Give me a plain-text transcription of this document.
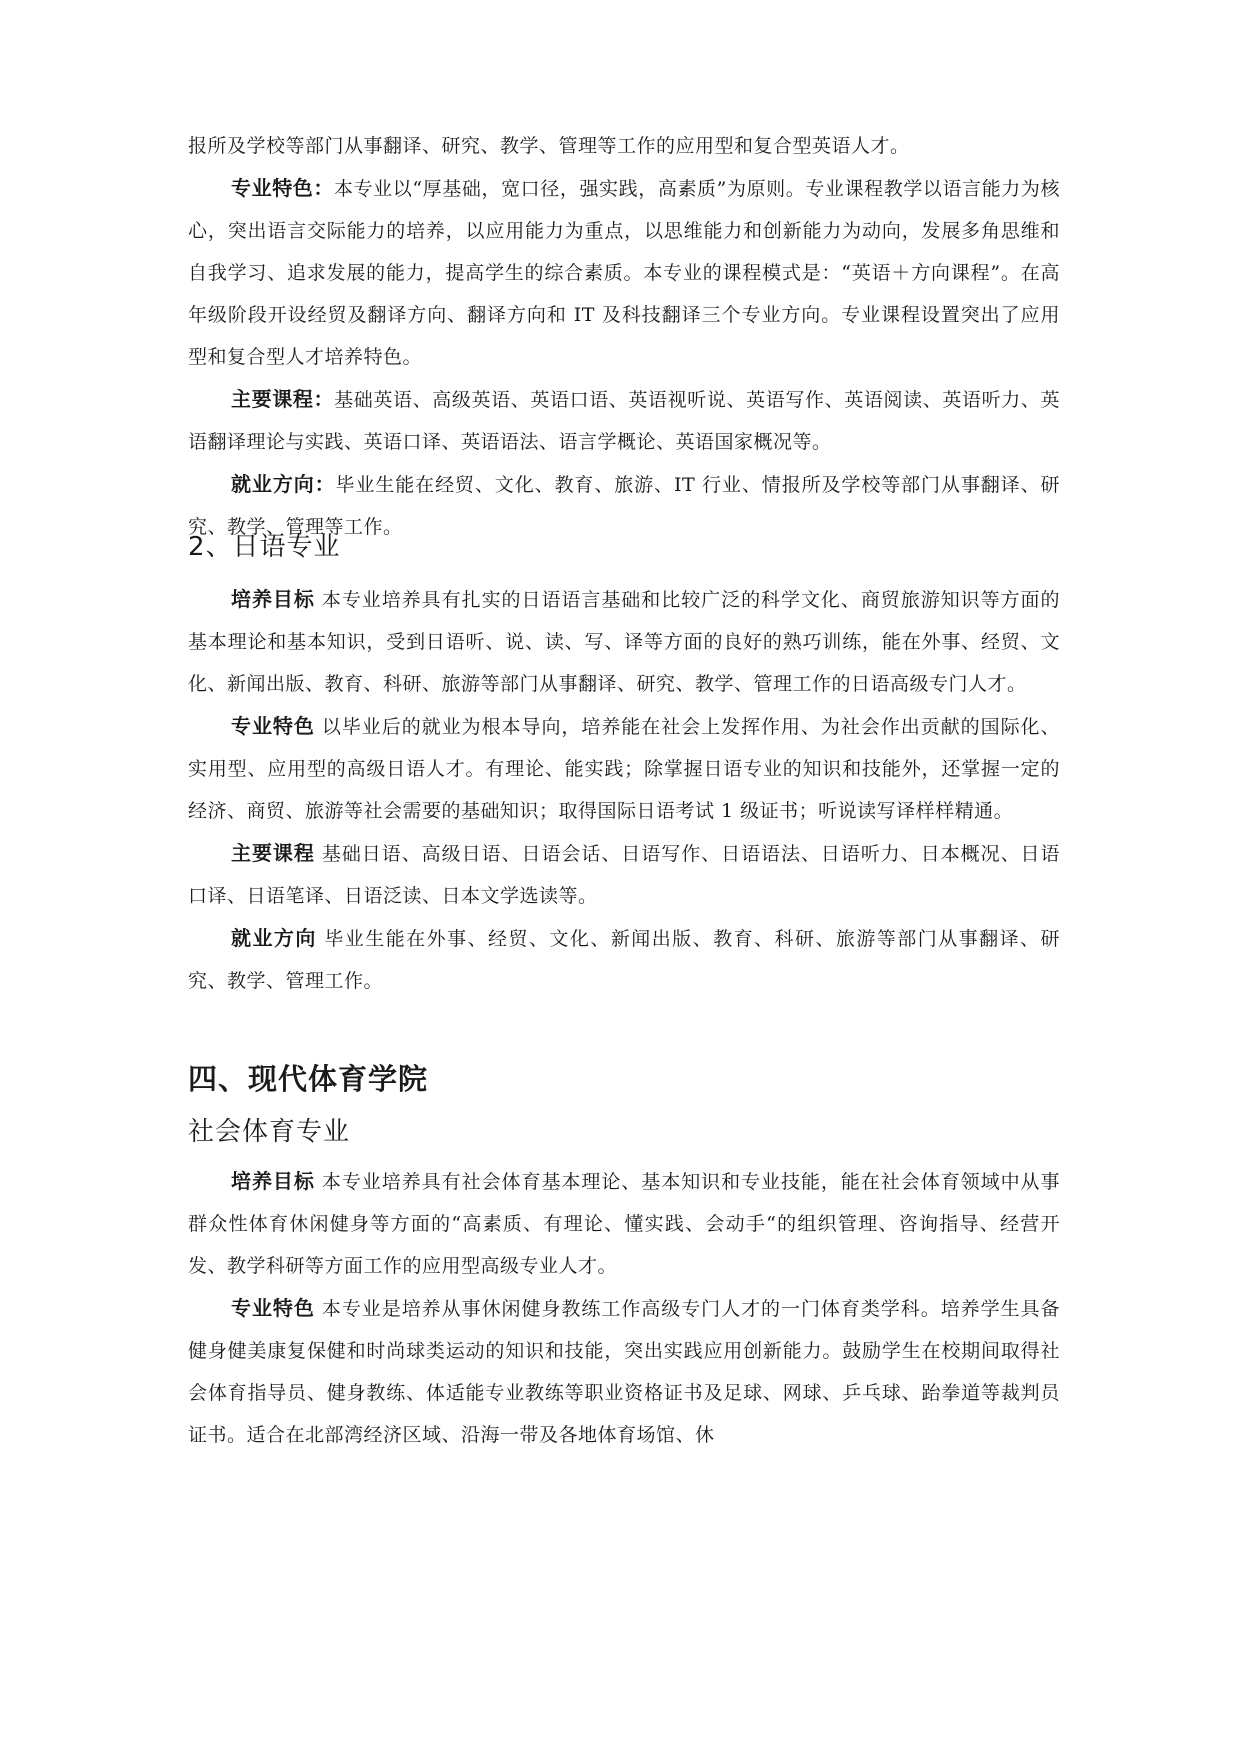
报所及学校等部门从事翻译、研究、教学、管理等工作的应用型和复合型英语人才。

专业特色：本专业以“厚基础，宽口径，强实践，高素质”为原则。专业课程教学以语言能力为核心，突出语言交际能力的培养，以应用能力为重点，以思维能力和创新能力为动向，发展多角思维和自我学习、追求发展的能力，提高学生的综合素质。本专业的课程模式是：“英语＋方向课程”。在高年级阶段开设经贸及翻译方向、翻译方向和 IT 及科技翻译三个专业方向。专业课程设置突出了应用型和复合型人才培养特色。

主要课程：基础英语、高级英语、英语口语、英语视听说、英语写作、英语阅读、英语听力、英语翻译理论与实践、英语口译、英语语法、语言学概论、英语国家概况等。

就业方向：毕业生能在经贸、文化、教育、旅游、IT 行业、情报所及学校等部门从事翻译、研究、教学、管理等工作。

2、日语专业

培养目标 本专业培养具有扎实的日语语言基础和比较广泛的科学文化、商贸旅游知识等方面的基本理论和基本知识，受到日语听、说、读、写、译等方面的良好的熟巧训练，能在外事、经贸、文化、新闻出版、教育、科研、旅游等部门从事翻译、研究、教学、管理工作的日语高级专门人才。

专业特色 以毕业后的就业为根本导向，培养能在社会上发挥作用、为社会作出贡献的国际化、实用型、应用型的高级日语人才。有理论、能实践；除掌握日语专业的知识和技能外，还掌握一定的经济、商贸、旅游等社会需要的基础知识；取得国际日语考试 1 级证书；听说读写译样样精通。

主要课程 基础日语、高级日语、日语会话、日语写作、日语语法、日语听力、日本概况、日语口译、日语笔译、日语泛读、日本文学选读等。

就业方向 毕业生能在外事、经贸、文化、新闻出版、教育、科研、旅游等部门从事翻译、研究、教学、管理工作。

四、现代体育学院
社会体育专业

培养目标 本专业培养具有社会体育基本理论、基本知识和专业技能，能在社会体育领域中从事群众性体育休闲健身等方面的“高素质、有理论、懂实践、会动手“的组织管理、咨询指导、经营开发、教学科研等方面工作的应用型高级专业人才。

专业特色 本专业是培养从事休闲健身教练工作高级专门人才的一门体育类学科。培养学生具备健身健美康复保健和时尚球类运动的知识和技能，突出实践应用创新能力。鼓励学生在校期间取得社会体育指导员、健身教练、体适能专业教练等职业资格证书及足球、网球、乒乓球、跆拳道等裁判员证书。适合在北部湾经济区域、沿海一带及各地体育场馆、休
